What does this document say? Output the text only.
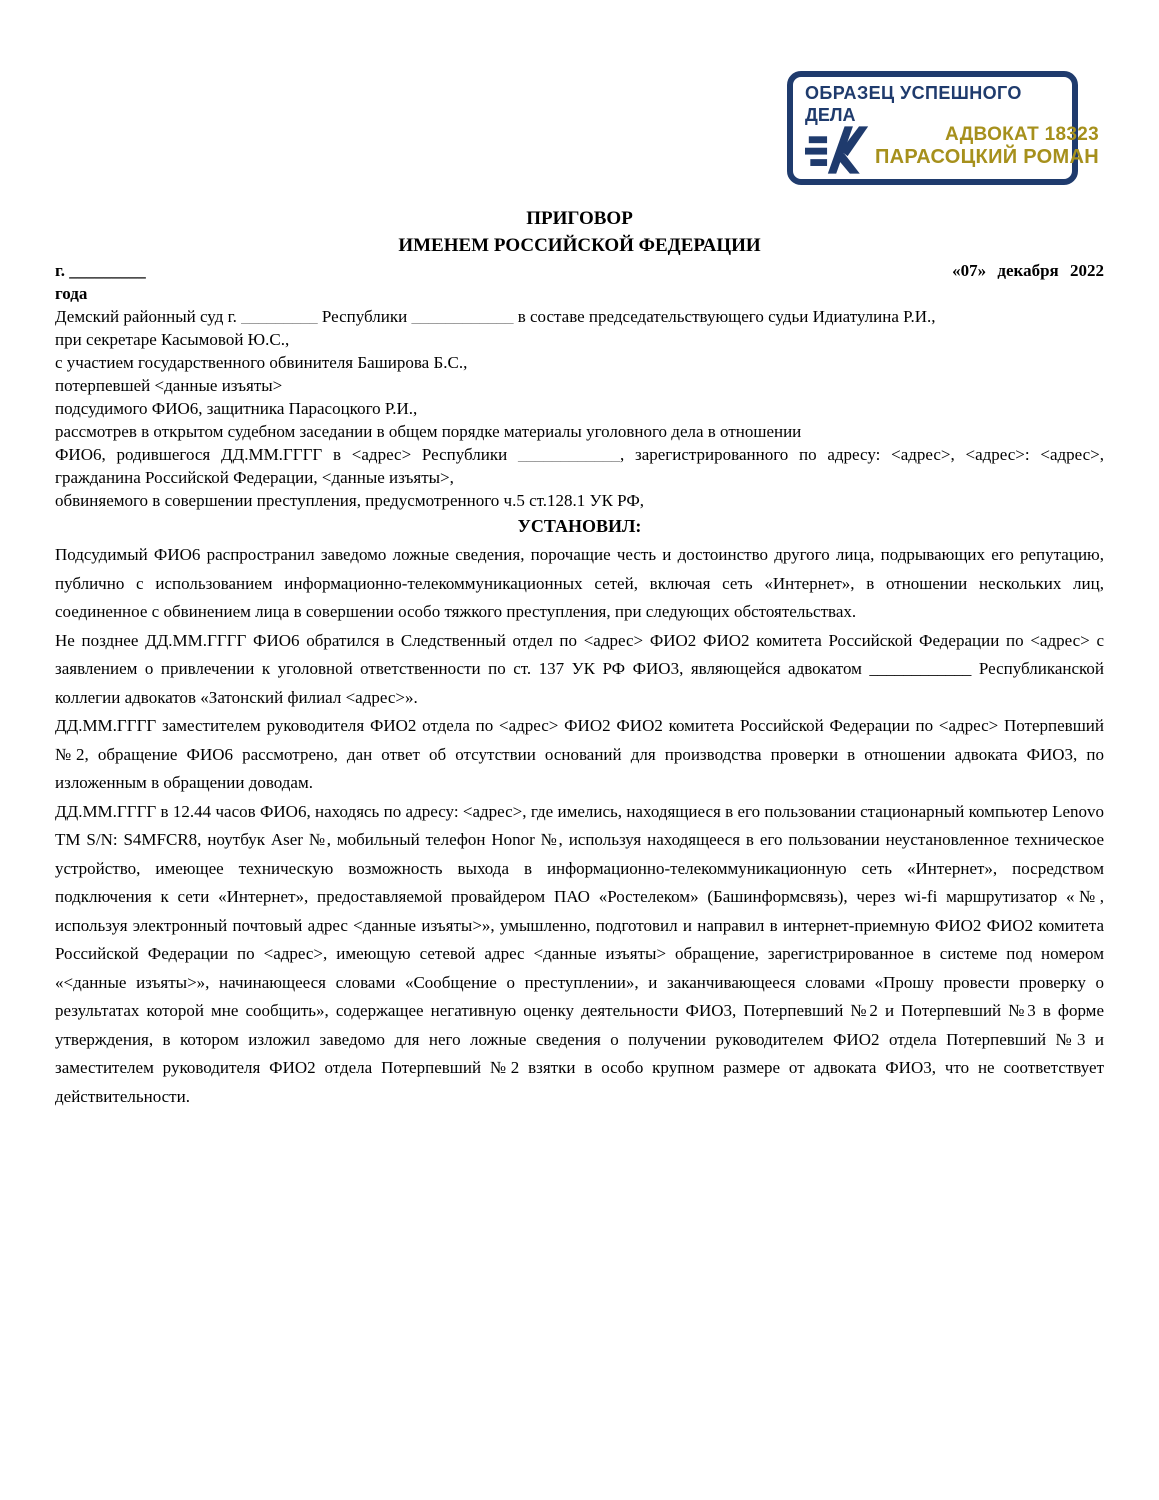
ОБРАЗЕЦ УСПЕШНОГО
ДЕЛА
АДВОКАТ 18323
ПАРАСОЦКИЙ РОМАН

ПРИГОВОР

ИМЕНЕМ РОССИЙСКОЙ ФЕДЕРАЦИИ

г. _________	«07» декабря 2022

года

Демский районный суд г. _________ Республики ____________ в составе председательствующего судьи Идиатулина Р.И.,

при секретаре Касымовой Ю.С.,

с участием государственного обвинителя Баширова Б.С.,

потерпевшей <данные изъяты>

подсудимого ФИО6, защитника Парасоцкого Р.И.,

рассмотрев в открытом судебном заседании в общем порядке материалы уголовного дела в отношении

ФИО6, родившегося ДД.ММ.ГГГГ в <адрес> Республики ____________, зарегистрированного по адресу: <адрес>, <адрес>: <адрес>, гражданина Российской Федерации, <данные изъяты>,

обвиняемого в совершении преступления, предусмотренного ч.5 ст.128.1 УК РФ,

УСТАНОВИЛ:

Подсудимый ФИО6 распространил заведомо ложные сведения, порочащие честь и достоинство другого лица, подрывающих его репутацию, публично с использованием информационно-телекоммуникационных сетей, включая сеть «Интернет», в отношении нескольких лиц, соединенное с обвинением лица в совершении особо тяжкого преступления, при следующих обстоятельствах.

Не позднее ДД.ММ.ГГГГ ФИО6 обратился в Следственный отдел по <адрес> ФИО2 ФИО2 комитета Российской Федерации по <адрес> с заявлением о привлечении к уголовной ответственности по ст. 137 УК РФ ФИО3, являющейся адвокатом ____________ Республиканской коллегии адвокатов «Затонский филиал <адрес>».

ДД.ММ.ГГГГ заместителем руководителя ФИО2 отдела по <адрес> ФИО2 ФИО2 комитета Российской Федерации по <адрес> Потерпевший №2, обращение ФИО6 рассмотрено, дан ответ об отсутствии оснований для производства проверки в отношении адвоката ФИО3, по изложенным в обращении доводам.

ДД.ММ.ГГГГ в 12.44 часов ФИО6, находясь по адресу: <адрес>, где имелись, находящиеся в его пользовании стационарный компьютер Lenovo TM S/N: S4MFCR8, ноутбук Aser №, мобильный телефон Honor №, используя находящееся в его пользовании неустановленное техническое устройство, имеющее техническую возможность выхода в информационно-телекоммуникационную сеть «Интернет», посредством подключения к сети «Интернет», предоставляемой провайдером ПАО «Ростелеком» (Башинформсвязь), через wi-fi маршрутизатор «№, используя электронный почтовый адрес <данные изъяты>», умышленно, подготовил и направил в интернет-приемную ФИО2 ФИО2 комитета Российской Федерации по <адрес>, имеющую сетевой адрес <данные изъяты> обращение, зарегистрированное в системе под номером «<данные изъяты>», начинающееся словами «Сообщение о преступлении», и заканчивающееся словами «Прошу провести проверку о результатах которой мне сообщить», содержащее негативную оценку деятельности ФИО3, Потерпевший №2 и Потерпевший №3 в форме утверждения, в котором изложил заведомо для него ложные сведения о получении руководителем ФИО2 отдела Потерпевший №3 и заместителем руководителя ФИО2 отдела Потерпевший №2 взятки в особо крупном размере от адвоката ФИО3, что не соответствует действительности.
